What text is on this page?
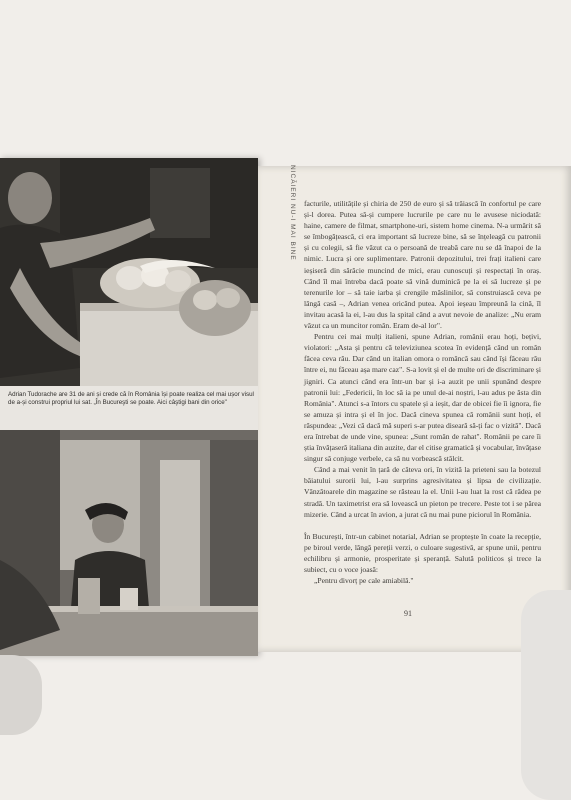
Adrian Tudorache are 31 de ani și crede că în România își poate realiza cel mai ușor visul de a-și construi propriul lui sat. „În Bucureşti se poate. Aici câştigi bani din orice"

facturile, utilitățile și chiria de 250 de euro și să trăiască în confortul pe care și-l dorea. Putea să-și cumpere lucrurile pe care nu le avusese niciodată: haine, camere de filmat, smartphone-uri, sistem home cinema. N-a urmărit să se îmbogățească, ci era important să lucreze bine, să se înțeleagă cu patronii și cu colegii, să fie văzut ca o persoană de treabă care nu se dă înapoi de la nimic. Lucra și ore suplimentare. Patronii depozitului, trei frați italieni care ieșiseră din sărăcie muncind de mici, erau cunoscuți și respectați în oraș. Când îl mai întreba dacă poate să vină duminică pe la ei să lucreze și pe terenurile lor – să taie iarba și crengile măslinilor, să construiască ceva pe lângă casă –, Adrian venea oricând putea. Apoi ieșeau împreună la cină, îl invitau acasă la ei, l-au dus la spital când a avut nevoie de analize: „Nu eram văzut ca un muncitor român. Eram de-al lor".

Pentru cei mai mulți italieni, spune Adrian, românii erau hoți, bețivi, violatori: „Asta și pentru că televiziunea scotea în evidență când un român făcea ceva rău. Dar când un italian omora o româncă sau când își făceau rău între ei, nu făceau așa mare caz". S-a lovit și el de multe ori de discriminare și jigniri. Ca atunci când era într-un bar și i-a auzit pe unii spunând despre patronii lui: „Federicii, în loc să ia pe unul de-ai noștri, l-au adus pe ăsta din România". Atunci s-a întors cu spatele și a ieșit, dar de obicei fie îi ignora, fie se amuza și intra și el în joc. Dacă cineva spunea că românii sunt hoți, el răspundea: „Vezi că dacă mă superi s-ar putea diseară să-ți fac o vizită". Dacă era întrebat de unde vine, spunea: „Sunt român de rahat". Românii pe care îi știa învățaseră italiana din auzite, dar el citise gramatică și vocabular, învățase singur să conjuge verbele, ca să nu vorbească stâlcit.

Când a mai venit în țară de câteva ori, în vizită la prieteni sau la botezul băiatului surorii lui, l-au surprins agresivitatea și lipsa de civilizație. Vânzătoarele din magazine se răsteau la el. Unii l-au luat la rost că râdea pe stradă. Un taximetrist era să lovească un pieton pe trecere. Peste tot i se părea mizerie. Când a urcat în avion, a jurat că nu mai pune piciorul în România.

În București, într-un cabinet notarial, Adrian se proptește în coate la recepție, pe biroul verde, lângă pereții verzi, o culoare sugestivă, ar spune unii, pentru echilibru și armonie, prosperitate și speranță. Salută politicos și trece la subiect, cu o voce joasă:

„Pentru divorț pe cale amiabilă."

91
NICĂIERI NU-I MAI BINE
